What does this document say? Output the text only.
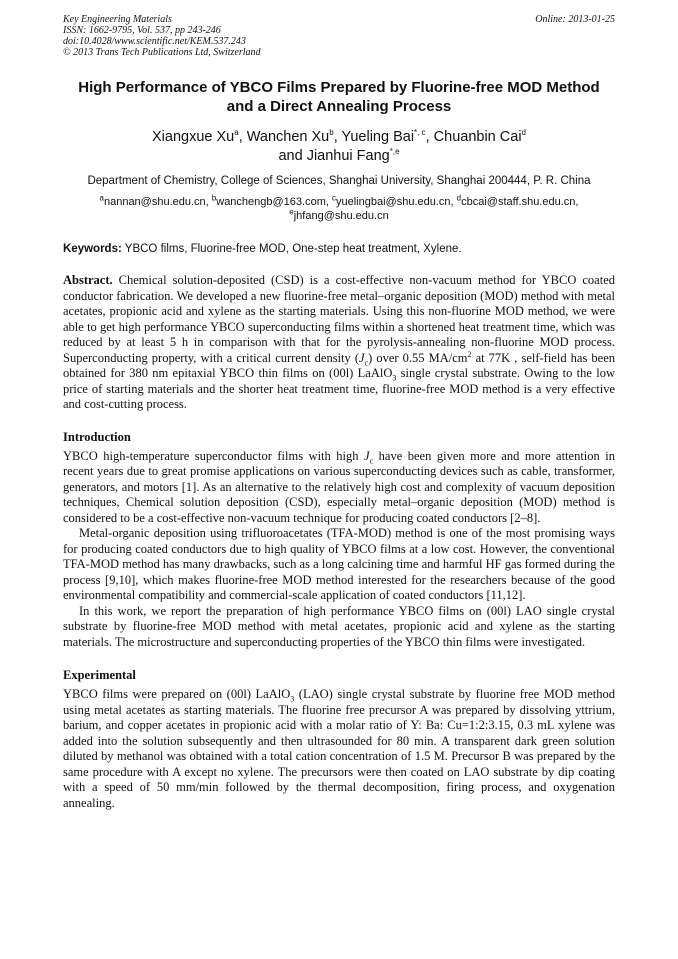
Key Engineering Materials
ISSN: 1662-9795, Vol. 537, pp 243-246
doi:10.4028/www.scientific.net/KEM.537.243
© 2013 Trans Tech Publications Ltd, Switzerland
Online: 2013-01-25
High Performance of YBCO Films Prepared by Fluorine-free MOD Method and a Direct Annealing Process
Xiangxue Xu$^a$, Wanchen Xu$^b$, Yueling Bai$^{*, c}$, Chuanbin Cai$^d$
and Jianhui Fang$^{*,e}$
Department of Chemistry, College of Sciences, Shanghai University, Shanghai 200444, P. R. China
$^a$nannan@shu.edu.cn, $^b$wanchengb@163.com, $^c$yuelingbai@shu.edu.cn, $^d$cbcai@staff.shu.edu.cn,
$^e$jhfang@shu.edu.cn
Keywords: YBCO films, Fluorine-free MOD, One-step heat treatment, Xylene.
Abstract. Chemical solution-deposited (CSD) is a cost-effective non-vacuum method for YBCO coated conductor fabrication. We developed a new fluorine-free metal–organic deposition (MOD) method with metal acetates, propionic acid and xylene as the starting materials. Using this non-fluorine MOD method, we were able to get high performance YBCO superconducting films within a shortened heat treatment time, which was reduced by at least 5 h in comparison with that for the pyrolysis-annealing non-fluorine MOD process. Superconducting property, with a critical current density $(J_c)$ over 0.55 $MA/cm^2$ at 77K , self-field has been obtained for 380 nm epitaxial YBCO thin films on (00l) LaAlO$_3$ single crystal substrate. Owing to the low price of starting materials and the shorter heat treatment time, fluorine-free MOD method is a very effective and cost-cutting process.
Introduction
YBCO high-temperature superconductor films with high $J_c$ have been given more and more attention in recent years due to great promise applications on various superconducting devices such as cable, transformer, generators, and motors [1]. As an alternative to the relatively high cost and complexity of vacuum deposition techniques, Chemical solution deposition (CSD), especially metal–organic deposition (MOD) method is considered to be a cost-effective non-vacuum technique for producing coated conductors [2–8].
Metal-organic deposition using trifluoroacetates (TFA-MOD) method is one of the most promising ways for producing coated conductors due to high quality of YBCO films at a low cost. However, the conventional TFA-MOD method has many drawbacks, such as a long calcining time and harmful HF gas formed during the process [9,10], which makes fluorine-free MOD method interested for the researchers because of the good environmental compatibility and commercial-scale application of coated conductors [11,12].
In this work, we report the preparation of high performance YBCO films on (00l) LAO single crystal substrate by fluorine-free MOD method with metal acetates, propionic acid and xylene as the starting materials. The microstructure and superconducting properties of the YBCO thin films were investigated.
Experimental
YBCO films were prepared on (00l) LaAlO$_3$ (LAO) single crystal substrate by fluorine free MOD method using metal acetates as starting materials. The fluorine free precursor A was prepared by dissolving yttrium, barium, and copper acetates in propionic acid with a molar ratio of Y: Ba: Cu=1:2:3.15, 0.3 mL xylene was added into the solution subsequently and then ultrasounded for 80 min. A transparent dark green solution diluted by methanol was obtained with a total cation concentration of 1.5 M. Precursor B was prepared by the same procedure with A except no xylene. The precursors were then coated on LAO substrate by dip coating with a speed of 50 mm/min followed by the thermal decomposition, firing process, and oxygenation annealing.
